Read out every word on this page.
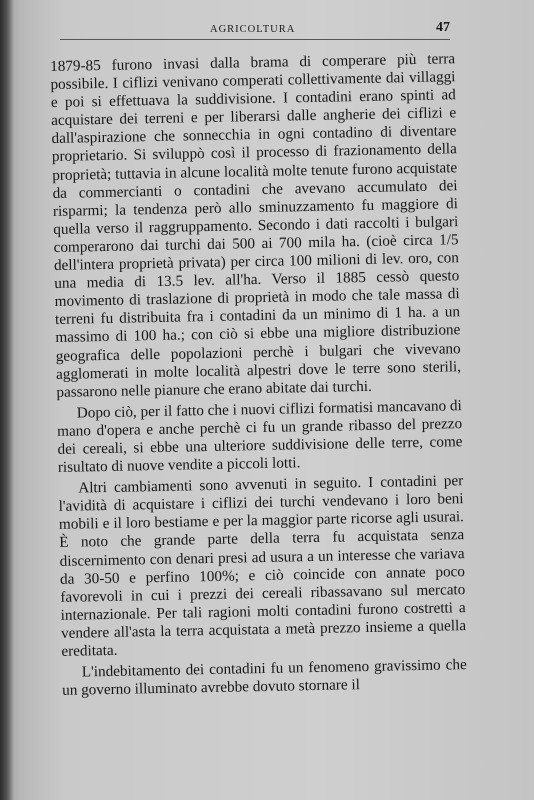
AGRICOLTURA	47

1879-85 furono invasi dalla brama di comperare più terra possibile. I ciflizi venivano comperati collettivamente dai villaggi e poi si effettuava la suddivisione. I contadini erano spinti ad acquistare dei terreni e per liberarsi dalle angherie dei ciflizi e dall'aspirazione che sonnecchia in ogni contadino di diventare proprietario. Si sviluppò così il processo di frazionamento della proprietà; tuttavia in alcune località molte tenute furono acquistate da commercianti o contadini che avevano accumulato dei risparmi; la tendenza però allo sminuzzamento fu maggiore di quella verso il raggruppamento. Secondo i dati raccolti i bulgari comperarono dai turchi dai 500 ai 700 mila ha. (cioè circa 1/5 dell'intera proprietà privata) per circa 100 milioni di lev. oro, con una media di 13.5 lev. all'ha. Verso il 1885 cessò questo movimento di traslazione di proprietà in modo che tale massa di terreni fu distribuita fra i contadini da un minimo di 1 ha. a un massimo di 100 ha.; con ciò si ebbe una migliore distribuzione geografica delle popolazioni perchè i bulgari che vivevano agglomerati in molte località alpestri dove le terre sono sterili, passarono nelle pianure che erano abitate dai turchi.

Dopo ciò, per il fatto che i nuovi ciflizi formatisi mancavano di mano d'opera e anche perchè ci fu un grande ribasso del prezzo dei cereali, si ebbe una ulteriore suddivisione delle terre, come risultato di nuove vendite a piccoli lotti.

Altri cambiamenti sono avvenuti in seguito. I contadini per l'avidità di acquistare i ciflizi dei turchi vendevano i loro beni mobili e il loro bestiame e per la maggior parte ricorse agli usurai. È noto che grande parte della terra fu acquistata senza discernimento con denari presi ad usura a un interesse che variava da 30-50 e perfino 100%; e ciò coincide con annate poco favorevoli in cui i prezzi dei cereali ribassavano sul mercato internazionale. Per tali ragioni molti contadini furono costretti a vendere all'asta la terra acquistata a metà prezzo insieme a quella ereditata.

L'indebitamento dei contadini fu un fenomeno gravissimo che un governo illuminato avrebbe dovuto stornare il
